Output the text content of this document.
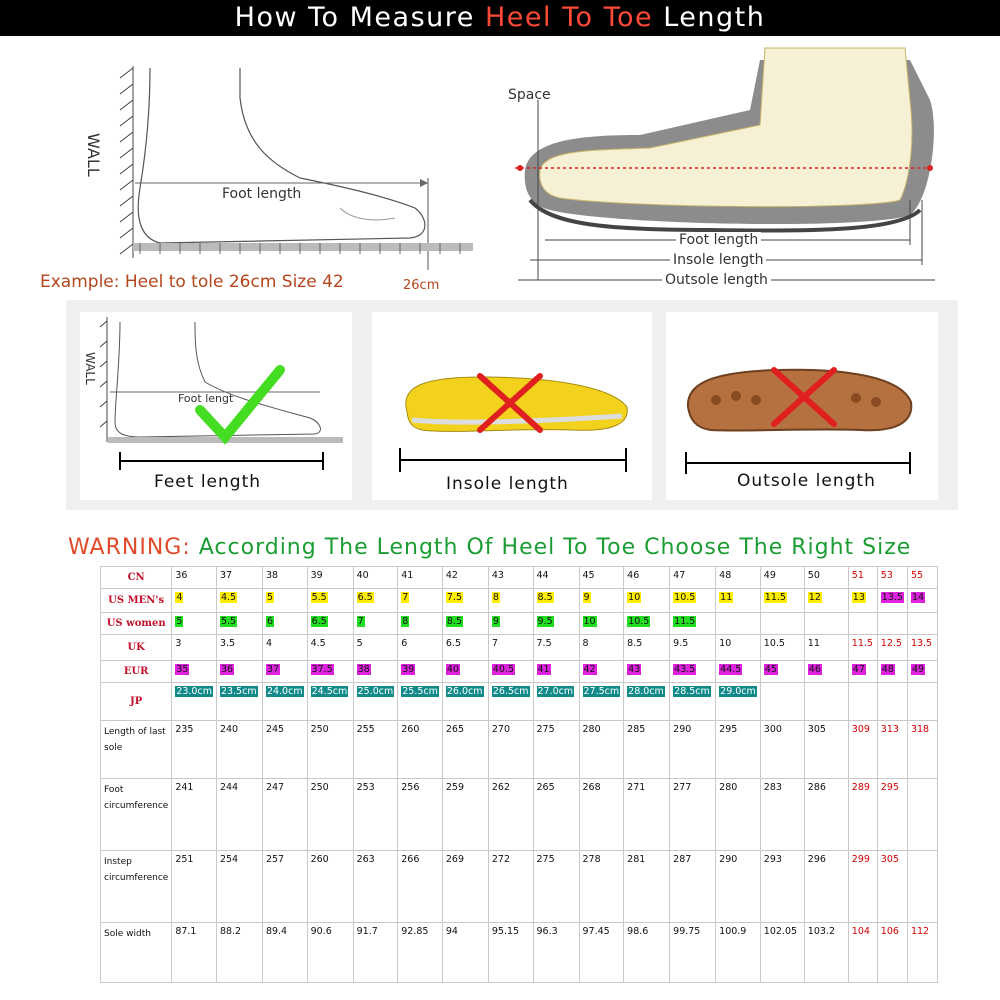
How To Measure Heel To Toe Length
WALL
Foot length
Example: Heel to tole 26cm Size 42	26cm
Space
Foot length
Insole length
Outsole length
WALL
Foot lengt
Feet length	Insole length	Outsole length
WARNING: According The Length Of Heel To Toe Choose The Right Size
CN	36	37	38	39	40	41	42	43	44	45	46	47	48	49	50	51	53	55
US MEN's	4	4.5	5	5.5	6.5	7	7.5	8	8.5	9	10	10.5	11	11.5	12	13	13.5	14
US women	5	5.5	6	6.5	7	8	8.5	9	9.5	10	10.5	11.5						
UK	3	3.5	4	4.5	5	6	6.5	7	7.5	8	8.5	9.5	10	10.5	11	11.5	12.5	13.5
EUR	35	36	37	37.5	38	39	40	40.5	41	42	43	43.5	44.5	45	46	47	48	49
JP	23.0cm	23.5cm	24.0cm	24.5cm	25.0cm	25.5cm	26.0cm	26.5cm	27.0cm	27.5cm	28.0cm	28.5cm	29.0cm					
Length of last sole	235	240	245	250	255	260	265	270	275	280	285	290	295	300	305	309	313	318
Foot circumference	241	244	247	250	253	256	259	262	265	268	271	277	280	283	286	289	295	
Instep circumference	251	254	257	260	263	266	269	272	275	278	281	287	290	293	296	299	305	
Sole width	87.1	88.2	89.4	90.6	91.7	92.85	94	95.15	96.3	97.45	98.6	99.75	100.9	102.05	103.2	104	106	112
